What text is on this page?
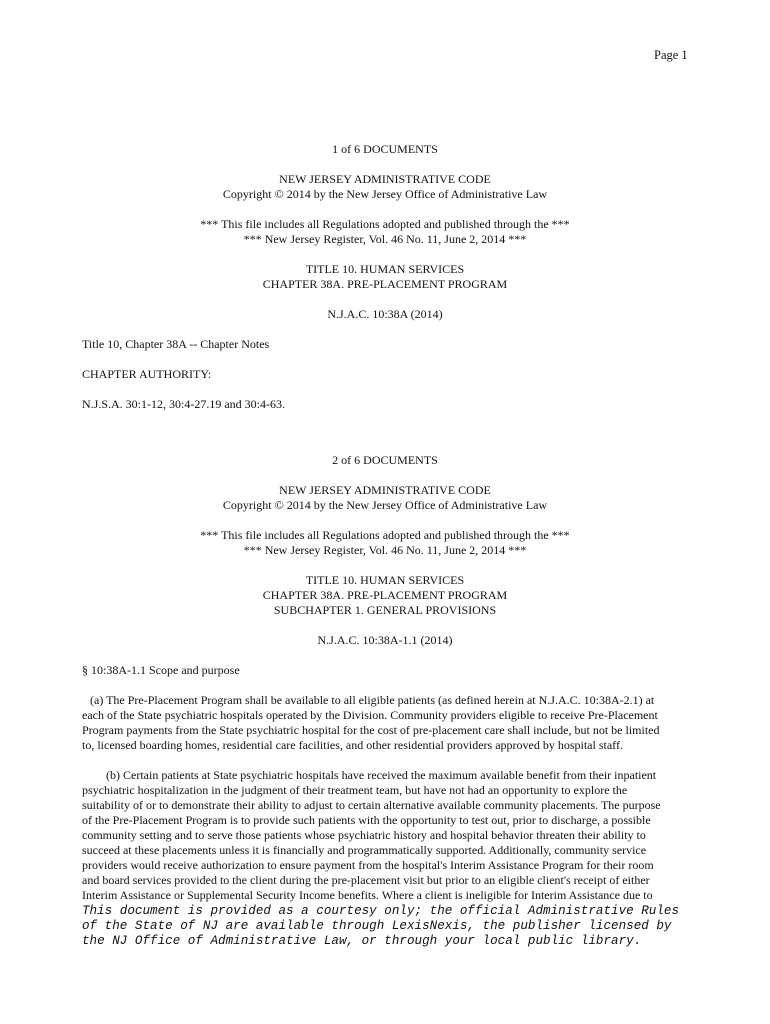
Page 1

1 of 6 DOCUMENTS

NEW JERSEY ADMINISTRATIVE CODE

Copyright © 2014 by the New Jersey Office of Administrative Law

*** This file includes all Regulations adopted and published through the ***

*** New Jersey Register, Vol. 46 No. 11, June 2, 2014 ***

TITLE 10. HUMAN SERVICES

CHAPTER 38A. PRE-PLACEMENT PROGRAM

N.J.A.C. 10:38A (2014)

Title 10, Chapter 38A -- Chapter Notes

CHAPTER AUTHORITY:

N.J.S.A. 30:1-12, 30:4-27.19 and 30:4-63.

2 of 6 DOCUMENTS

NEW JERSEY ADMINISTRATIVE CODE

Copyright © 2014 by the New Jersey Office of Administrative Law

*** This file includes all Regulations adopted and published through the ***

*** New Jersey Register, Vol. 46 No. 11, June 2, 2014 ***

TITLE 10. HUMAN SERVICES

CHAPTER 38A. PRE-PLACEMENT PROGRAM

SUBCHAPTER 1. GENERAL PROVISIONS

N.J.A.C. 10:38A-1.1 (2014)

§ 10:38A-1.1 Scope and purpose

(a) The Pre-Placement Program shall be available to all eligible patients (as defined herein at N.J.A.C. 10:38A-2.1) at

each of the State psychiatric hospitals operated by the Division. Community providers eligible to receive Pre-Placement

Program payments from the State psychiatric hospital for the cost of pre-placement care shall include, but not be limited

to, licensed boarding homes, residential care facilities, and other residential providers approved by hospital staff.

(b) Certain patients at State psychiatric hospitals have received the maximum available benefit from their inpatient

psychiatric hospitalization in the judgment of their treatment team, but have not had an opportunity to explore the

suitability of or to demonstrate their ability to adjust to certain alternative available community placements. The purpose

of the Pre-Placement Program is to provide such patients with the opportunity to test out, prior to discharge, a possible

community setting and to serve those patients whose psychiatric history and hospital behavior threaten their ability to

succeed at these placements unless it is financially and programmatically supported. Additionally, community service

providers would receive authorization to ensure payment from the hospital's Interim Assistance Program for their room

and board services provided to the client during the pre-placement visit but prior to an eligible client's receipt of either

Interim Assistance or Supplemental Security Income benefits. Where a client is ineligible for Interim Assistance due to

This document is provided as a courtesy only; the official Administrative Rules
of the State of NJ are available through LexisNexis, the publisher licensed by
the NJ Office of Administrative Law, or through your local public library.
